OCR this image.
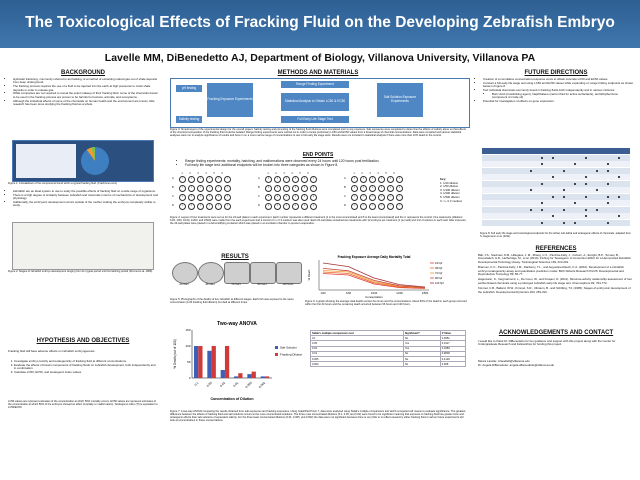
The Toxicological Effects of Fracking Fluid on the Developing Zebrafish Embryo
Lavelle MM, DiBenedetto AJ, Department of Biology, Villanova University, Villanova PA
BACKGROUND
• Hydraulic fracturing, commonly referred to as fracking, is a method of extracting natural gas out of shale deposits from deep underground.
• The fracking process requires the use of a fluid to be injected into the earth at high pressures to crack shale deposits in order to release gas.
• While companies are not required to reveal the exact makeup of their fracking fluid, some of the chemicals known to be used in the fracking process are proven to be harmful to humans, animals, and ecosystems.
• Although the individual effects of some of the chemicals on human health and the environment are known, little research has been done studying the fracking fluid as a whole.
Figure 1: A breakdown of the components found within a typical fracking fluid. (FracFocus.com)
• Zebrafish are an ideal system to use to study the possible effects of fracking fluid on a wide range of organisms.
• There is a high degree of similarity between zebrafish and mammals in terms of mechanisms of development and physiology.
• Additionally, the embryonic development occurs outside of the mother making the embryos completely visible to study.
Figure 2: Stages of zebrafish embryo development ranging from its zygote period until its hatching period (Kimmel et al. 1995).
HYPOTHESIS AND OBJECTIVES
Fracking fluid will have adverse effects on zebrafish embryogenesis.
1. Investigate embryo toxicity and teratogenicity of fracking fluid at different concentrations.
2. Evaluate the effects of known components of fracking fluids on zebrafish development, both independently and in combination.
3. Calculate LC50, EC50, and teratogenic index values.
LC50 values are represent estimates of the concentration at which 50% mortality occurs. EC50 values are represent estimates of the concentration at which 50% of the embryos showed an effect (mortality or malformation). Teratogenic index (TI) is equivalent to LC50/EC50.
METHODS AND MATERIALS
pH testing
Fracking Exposure Experiments
Range Finding Experiment
Statistical Analysis to Obtain LC50 & EC50
Full Early Life Stage Test
Salt Solution Exposure Experiments
Salinity testing
Figure 3: Simple layout of the experimental design for the overall project. Salinity testing and pH testing of the fracking fluid dilutions were completed prior to any exposure. Salt exposures were completed to determine the effects of salinity alone so that effects of the chemical composition of the fracking fluid could be isolated. Range finding experiments were carried out in order to locate preliminary LC50 and EC50 values from a broad range of chemical concentrations. Data were compiled and various statistical analyses were run to analyze significance of results and hone in on a more narrow range of concentrations to use in full early life stage tests. Results were not included in statistical analysis if there was more than 10% death in the control.
END POINTS
• Range finding experiments: mortality, hatching, and malformations were observed every 24 hours until 120 hours post fertilization.
• Full early life stage test: additional endpoints will be broken into three categories as shown in Figure 8.
1	2	3	4	5	6
A	1	1	1	1	1	1
B	1	1	1	1	1	1
C	2	2	2	2	2	2
D	2	2	2	2	2	2
1	2	3	4	5	6
A	3	3	3	3	3	3
B	3	3	3	3	3	3
C	4	4	4	4	4	4
D	4	4	4	4	4	4
1	2	3	4	5	6
A	5	5	5	5	5	5
B	5	5	5	5	5	5
C	C	C	C	C	C	C
D	C	C	C	C	C	C
Key:
1: 1/20 dilution
2: 1/50 dilution
3: 1/100 dilution
4: 1/200 dilution
5: 1/500 dilution
C: f + 0.3 medium
Figure 4: Layout of how treatments were set up for the 24-well plates in each experiment. Each number represents a different treatment (1 is the most concentrated and 5 is the least concentrated) and the C represents the control. Five treatments (dilutions: 1/20, 1/50, 1/100, 1/200, and 1/500) were made from the each experiment and a control of 1 x 0.3 medium was also used. Each 24-well plate contained two treatments with 12 embryos per treatment (1 per well) and 1ml of solution in each well. After exposure, the 24-well plates were placed in a dehumidifying container which was placed in an incubator chamber to prevent evaporation.
RESULTS
24 hours	48 hours	72 hours	96 hours	120 hours
Figure 5: Photographs of the deaths of live zebrafish at different stages. Each fish was exposed to the same concentration (1/20 fracking fluid dilution) but died at different times.
Fracking Exposure Average Daily Mortality Total
% Death
24 hpf
48 hpf
72 hpf
96 hpf
120 hpf
1/20	1/50	1/100	1/200	1/500
Concentration
Figure 6: A graph showing the average total deaths across five times and five concentrations. About 50% of the death in each group occurred within the first 24 hours and the remaining death occurred between 96 hours and 120 hours.
Two-way ANOVA
0
50
100
150
% Death (out of 100)
0.1 0.05 0.02 0.01 0.005 0.002
Concentration of Dilution
Salt Solution
Fracking Dilution
Sidak's multiple comparisons test	Significant?	P Value
0.1	No	0.9951
0.05	Yes	0.0117
0.02	Yes	0.0383
0.01	No	0.9809
0.005	No	0.4129
0.002	No	0.998
Figure 7: A two-way ANOVA comparing the results obtained from salt exposures and fracking exposures. Using GraphPad Prism 7, data were analyzed using Sidak's multiple comparisons test which compared cell means to evaluate significance. The greatest difference between the effects of fracking fluid and salt solutions occurs at the more concentrated solutions. The three most concentrated dilutions (0.1, 0.05, and 0.02) were found to be significant meaning that exposure to fracking fluid has greater toxic and teratogenic effects than salt solutions of equivalent salinity. For the three least concentrated dilutions (0.01, 0.005, and 0.002) the data were not significant because there is very little to no effect caused by either fracking fluid or salt so future experiments will look at concentrations in these concentrations.
FUTURE DIRECTIONS
• Creation of a cumulative concentration-response curve to obtain concrete LC50 and EC50 values.
• Conduct a full early life stage test using LC50 and EC50 values while expanding on range finding endpoints as shown below in Figure 8.
• Test individual chemicals commonly found in fracking fluids both independently and in various mixtures:
• Boric Acid (crosslinking agent), Naphthalene (carrier fluid for active surfactants), and Ethylbenzene (component of crude oil)
• Potential for investigation of effects on gene expression.
Figure 8: Full early life stage and toxicological endpoints for the lethal, sub-lethal and teratogenic effects of chemicals, adapted from S. Hagemann et al. (2011).
REFERENCES
Ball, J.S., Stedman, D.B., Hillegass, J. M., Zhang, C.X., Panzica-Kelly, J., Coburn, A., Enright, B.P., Tornesi, B., Amouzadeh, H.R., Hetheridge, M., et al. (2014). Fishing for Teratogens: A Consortium Effort for a Harmonized Zebrafish Developmental Toxicology Assay. Toxicological Sciences 139, 210-219.
Brannen, K.C., Panzica-Kelly, J.M., Danberry, T.L., and Augustine-Rauch, K.A. (2010). Development of a zebrafish embryo teratogenicity assay and quantitative prediction model. Birth Defects Research Part B: Developmental and Reproductive Toxicology 89, 66-77.
Hagemann, S., Vergmarmont, L., De Coen, W., and Knapen, D. (2011). Structure-activity relationship assessment of four perfluorinated chemicals using a prolonged zebrafish early life stage test. Chemosphere 82, 764-772.
Kimmel, C.B., Ballard, W.W., Kimmel, S.R., Ullmann, B., and Schilling, T.F. (1995). Stages of embryonic development of the zebrafish. Developmental Dynamics 203, 253-310.
ACKNOWLEDGEMENTS AND CONTACT
I would like to thank Dr. DiBenedetto for her guidance and support with this project along with the Center for Undergraduate Research and Fellowships for funding this project.
Maura Lavelle: mlavelle6@villanova.edu
Dr. Angela DiBenedetto: angela.dibenedetto@villanova.edu
